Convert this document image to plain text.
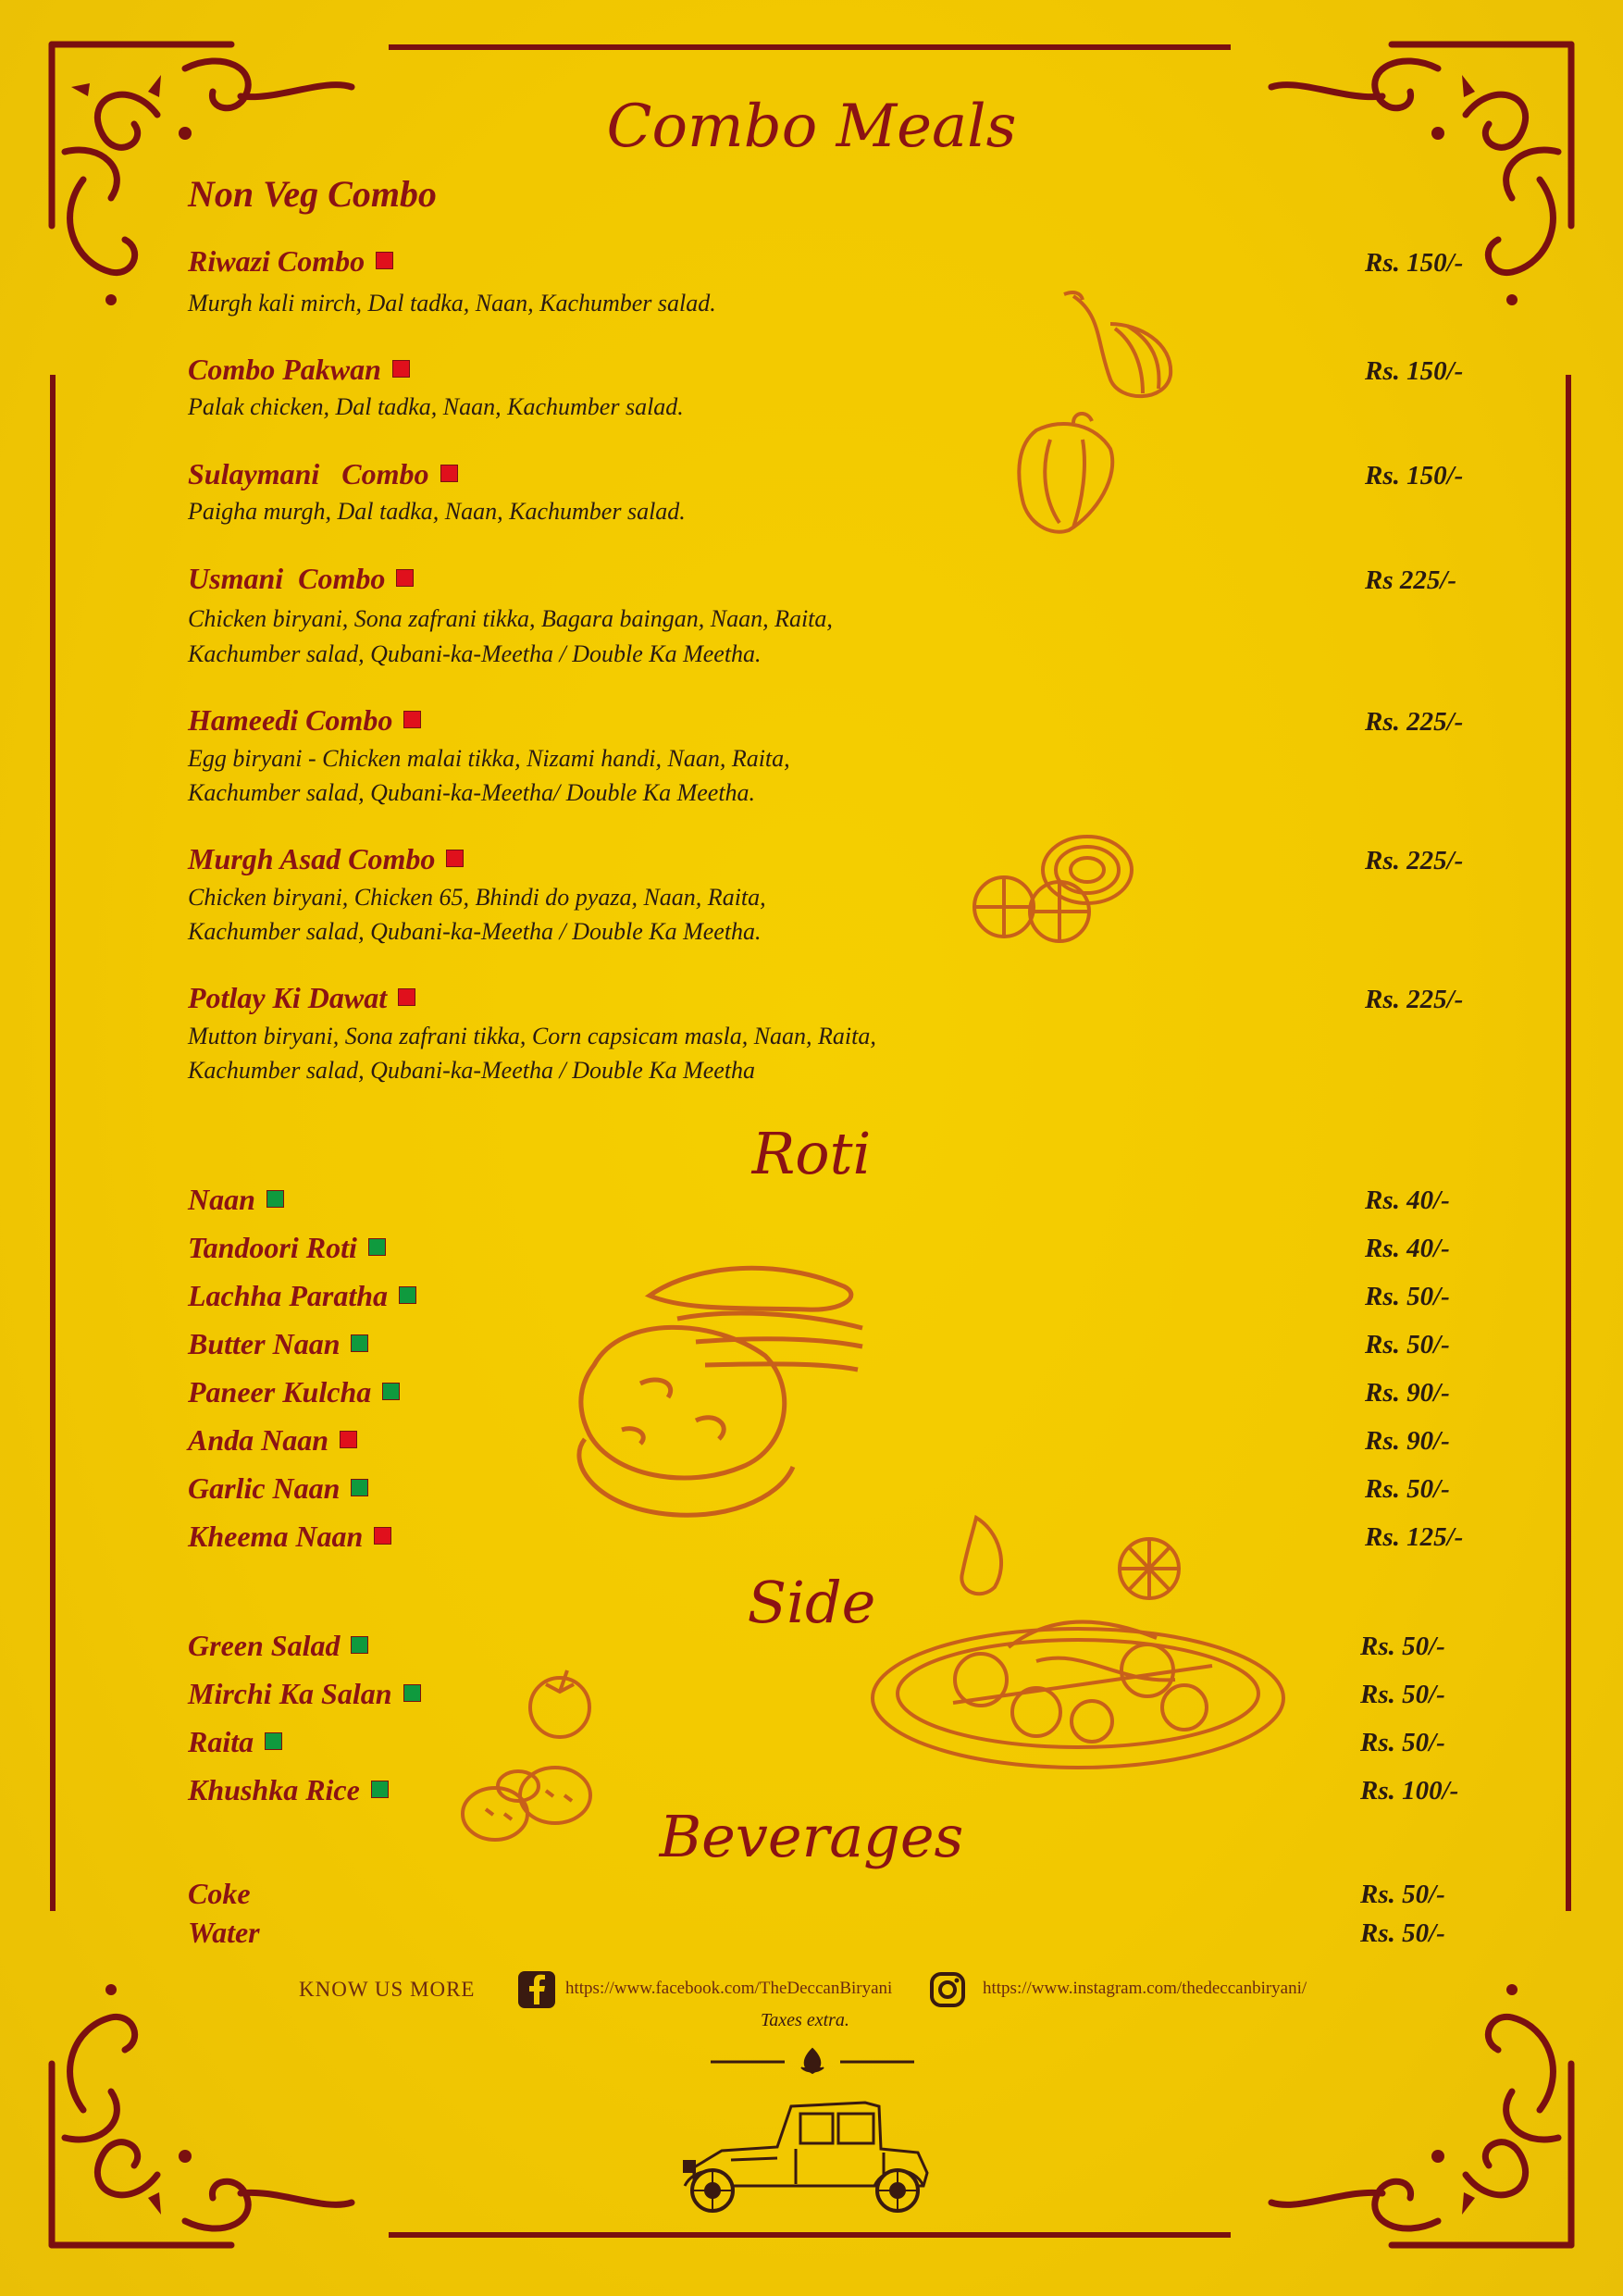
Combo Meals
Non Veg Combo
Riwazi Combo	Rs. 150/-
Murgh kali mirch, Dal tadka, Naan, Kachumber salad.
Combo Pakwan	Rs. 150/-
Palak chicken, Dal tadka, Naan, Kachumber salad.
Sulaymani   Combo	Rs. 150/-
Paigha murgh, Dal tadka, Naan, Kachumber salad.
Usmani  Combo	Rs 225/-
Chicken biryani, Sona zafrani tikka, Bagara baingan, Naan, Raita,
Kachumber salad, Qubani-ka-Meetha / Double Ka Meetha.
Hameedi Combo	Rs. 225/-
Egg biryani - Chicken malai tikka, Nizami handi, Naan, Raita,
Kachumber salad, Qubani-ka-Meetha/ Double Ka Meetha.
Murgh Asad Combo	Rs. 225/-
Chicken biryani, Chicken 65, Bhindi do pyaza, Naan, Raita,
Kachumber salad, Qubani-ka-Meetha / Double Ka Meetha.
Potlay Ki Dawat	Rs. 225/-
Mutton biryani, Sona zafrani tikka, Corn capsicam masla, Naan, Raita,
Kachumber salad, Qubani-ka-Meetha / Double Ka Meetha
Roti
Naan	Rs. 40/-
Tandoori Roti	Rs. 40/-
Lachha Paratha	Rs. 50/-
Butter Naan	Rs. 50/-
Paneer Kulcha	Rs. 90/-
Anda Naan	Rs. 90/-
Garlic Naan	Rs. 50/-
Kheema Naan	Rs. 125/-
Side
Green Salad	Rs. 50/-
Mirchi Ka Salan	Rs. 50/-
Raita	Rs. 50/-
Khushka Rice	Rs. 100/-
Beverages
Coke	Rs. 50/-
Water	Rs. 50/-
KNOW US MORE	https://www.facebook.com/TheDeccanBiryani	https://www.instagram.com/thedeccanbiryani/
Taxes extra.
